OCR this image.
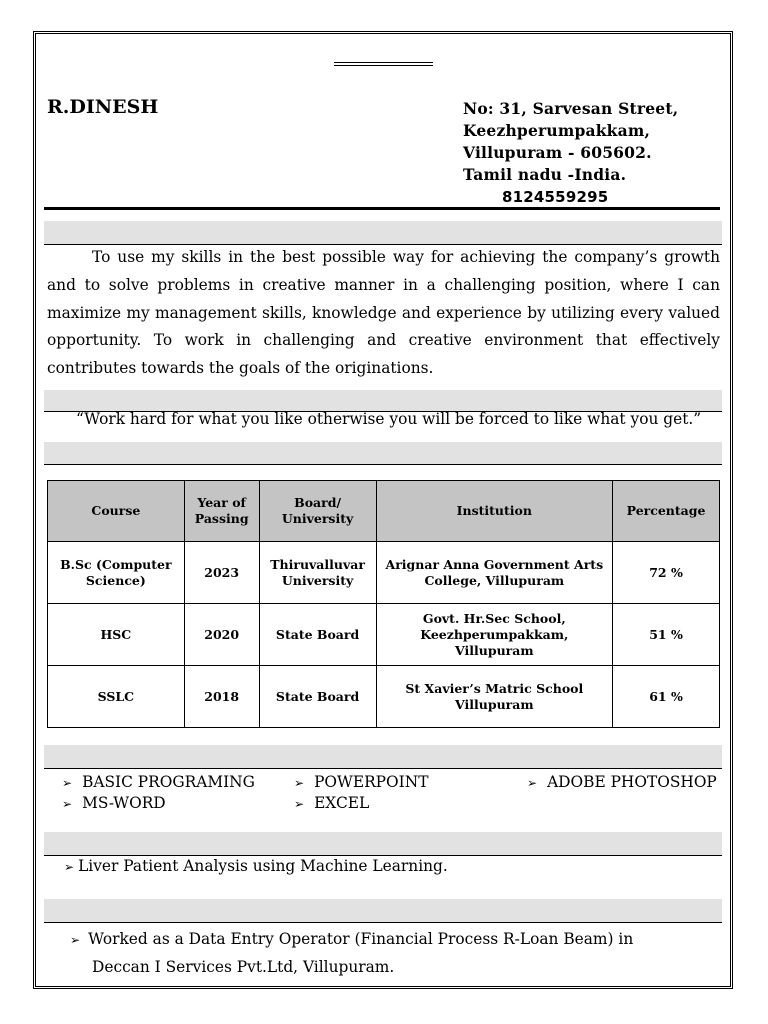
R.DINESH	No: 31, Sarvesan Street,
Keezhperumpakkam,
Villupuram - 605602.
Tamil nadu -India.
8124559295
To use my skills in the best possible way for achieving the company’s growth and to solve problems in creative manner in a challenging position, where I can maximize my management skills, knowledge and experience by utilizing every valued opportunity. To work in challenging and creative environment that effectively contributes towards the goals of the originations.
“Work hard for what you like otherwise you will be forced to like what you get.”
Course	Year of Passing	Board/ University	Institution	Percentage
B.Sc (Computer Science)	2023	Thiruvalluvar University	Arignar Anna Government Arts College, Villupuram	72 %
HSC	2020	State Board	Govt. Hr.Sec School, Keezhperumpakkam, Villupuram	51 %
SSLC	2018	State Board	St Xavier’s Matric School Villupuram	61 %
➢ BASIC PROGRAMING	➢ POWERPOINT	➢ ADOBE PHOTOSHOP
➢ MS-WORD	➢ EXCEL
➢ Liver Patient Analysis using Machine Learning.
➢ Worked as a Data Entry Operator (Financial Process R-Loan Beam) in
Deccan I Services Pvt.Ltd, Villupuram.
